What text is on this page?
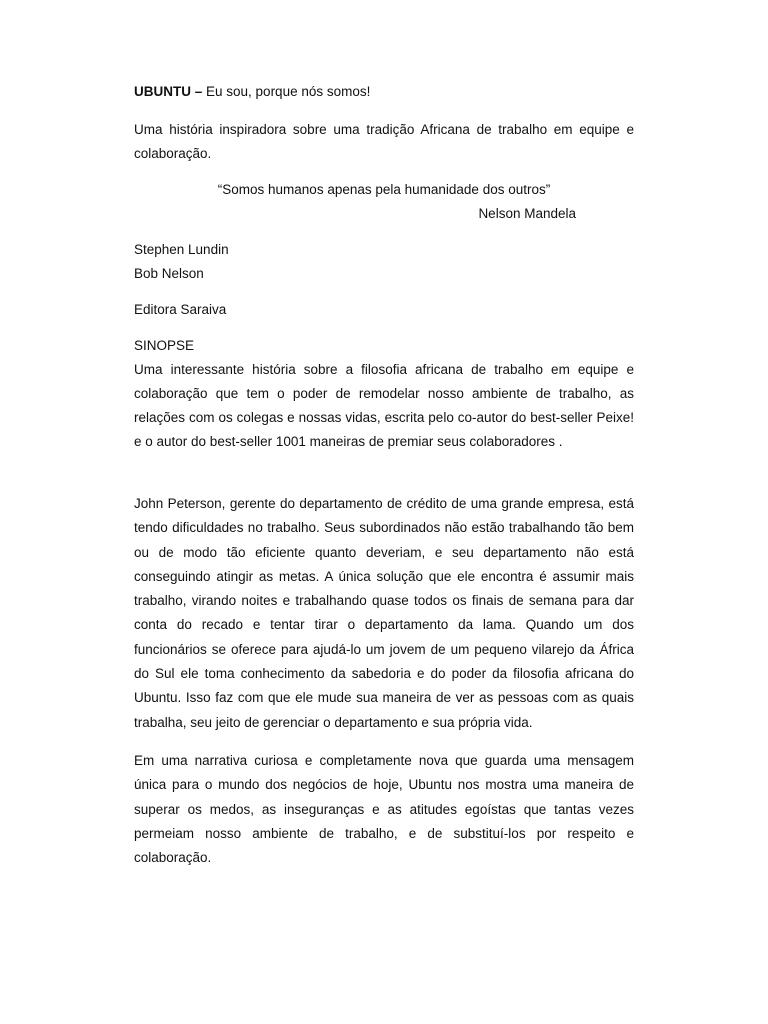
UBUNTU – Eu sou, porque nós somos!

Uma história inspiradora sobre uma tradição Africana de trabalho em equipe e colaboração.

“Somos humanos apenas pela humanidade dos outros”

Nelson Mandela

Stephen Lundin
Bob Nelson

Editora Saraiva

SINOPSE

Uma interessante história sobre a filosofia africana de trabalho em equipe e colaboração que tem o poder de remodelar nosso ambiente de trabalho, as relações com os colegas e nossas vidas, escrita pelo co-autor do best-seller Peixe! e o autor do best-seller 1001 maneiras de premiar seus colaboradores .

John Peterson, gerente do departamento de crédito de uma grande empresa, está tendo dificuldades no trabalho. Seus subordinados não estão trabalhando tão bem ou de modo tão eficiente quanto deveriam, e seu departamento não está conseguindo atingir as metas. A única solução que ele encontra é assumir mais trabalho, virando noites e trabalhando quase todos os finais de semana para dar conta do recado e tentar tirar o departamento da lama. Quando um dos funcionários se oferece para ajudá-lo um jovem de um pequeno vilarejo da África do Sul ele toma conhecimento da sabedoria e do poder da filosofia africana do Ubuntu. Isso faz com que ele mude sua maneira de ver as pessoas com as quais trabalha, seu jeito de gerenciar o departamento e sua própria vida.

Em uma narrativa curiosa e completamente nova que guarda uma mensagem única para o mundo dos negócios de hoje, Ubuntu nos mostra uma maneira de superar os medos, as inseguranças e as atitudes egoístas que tantas vezes permeiam nosso ambiente de trabalho, e de substituí-los por respeito e colaboração.
